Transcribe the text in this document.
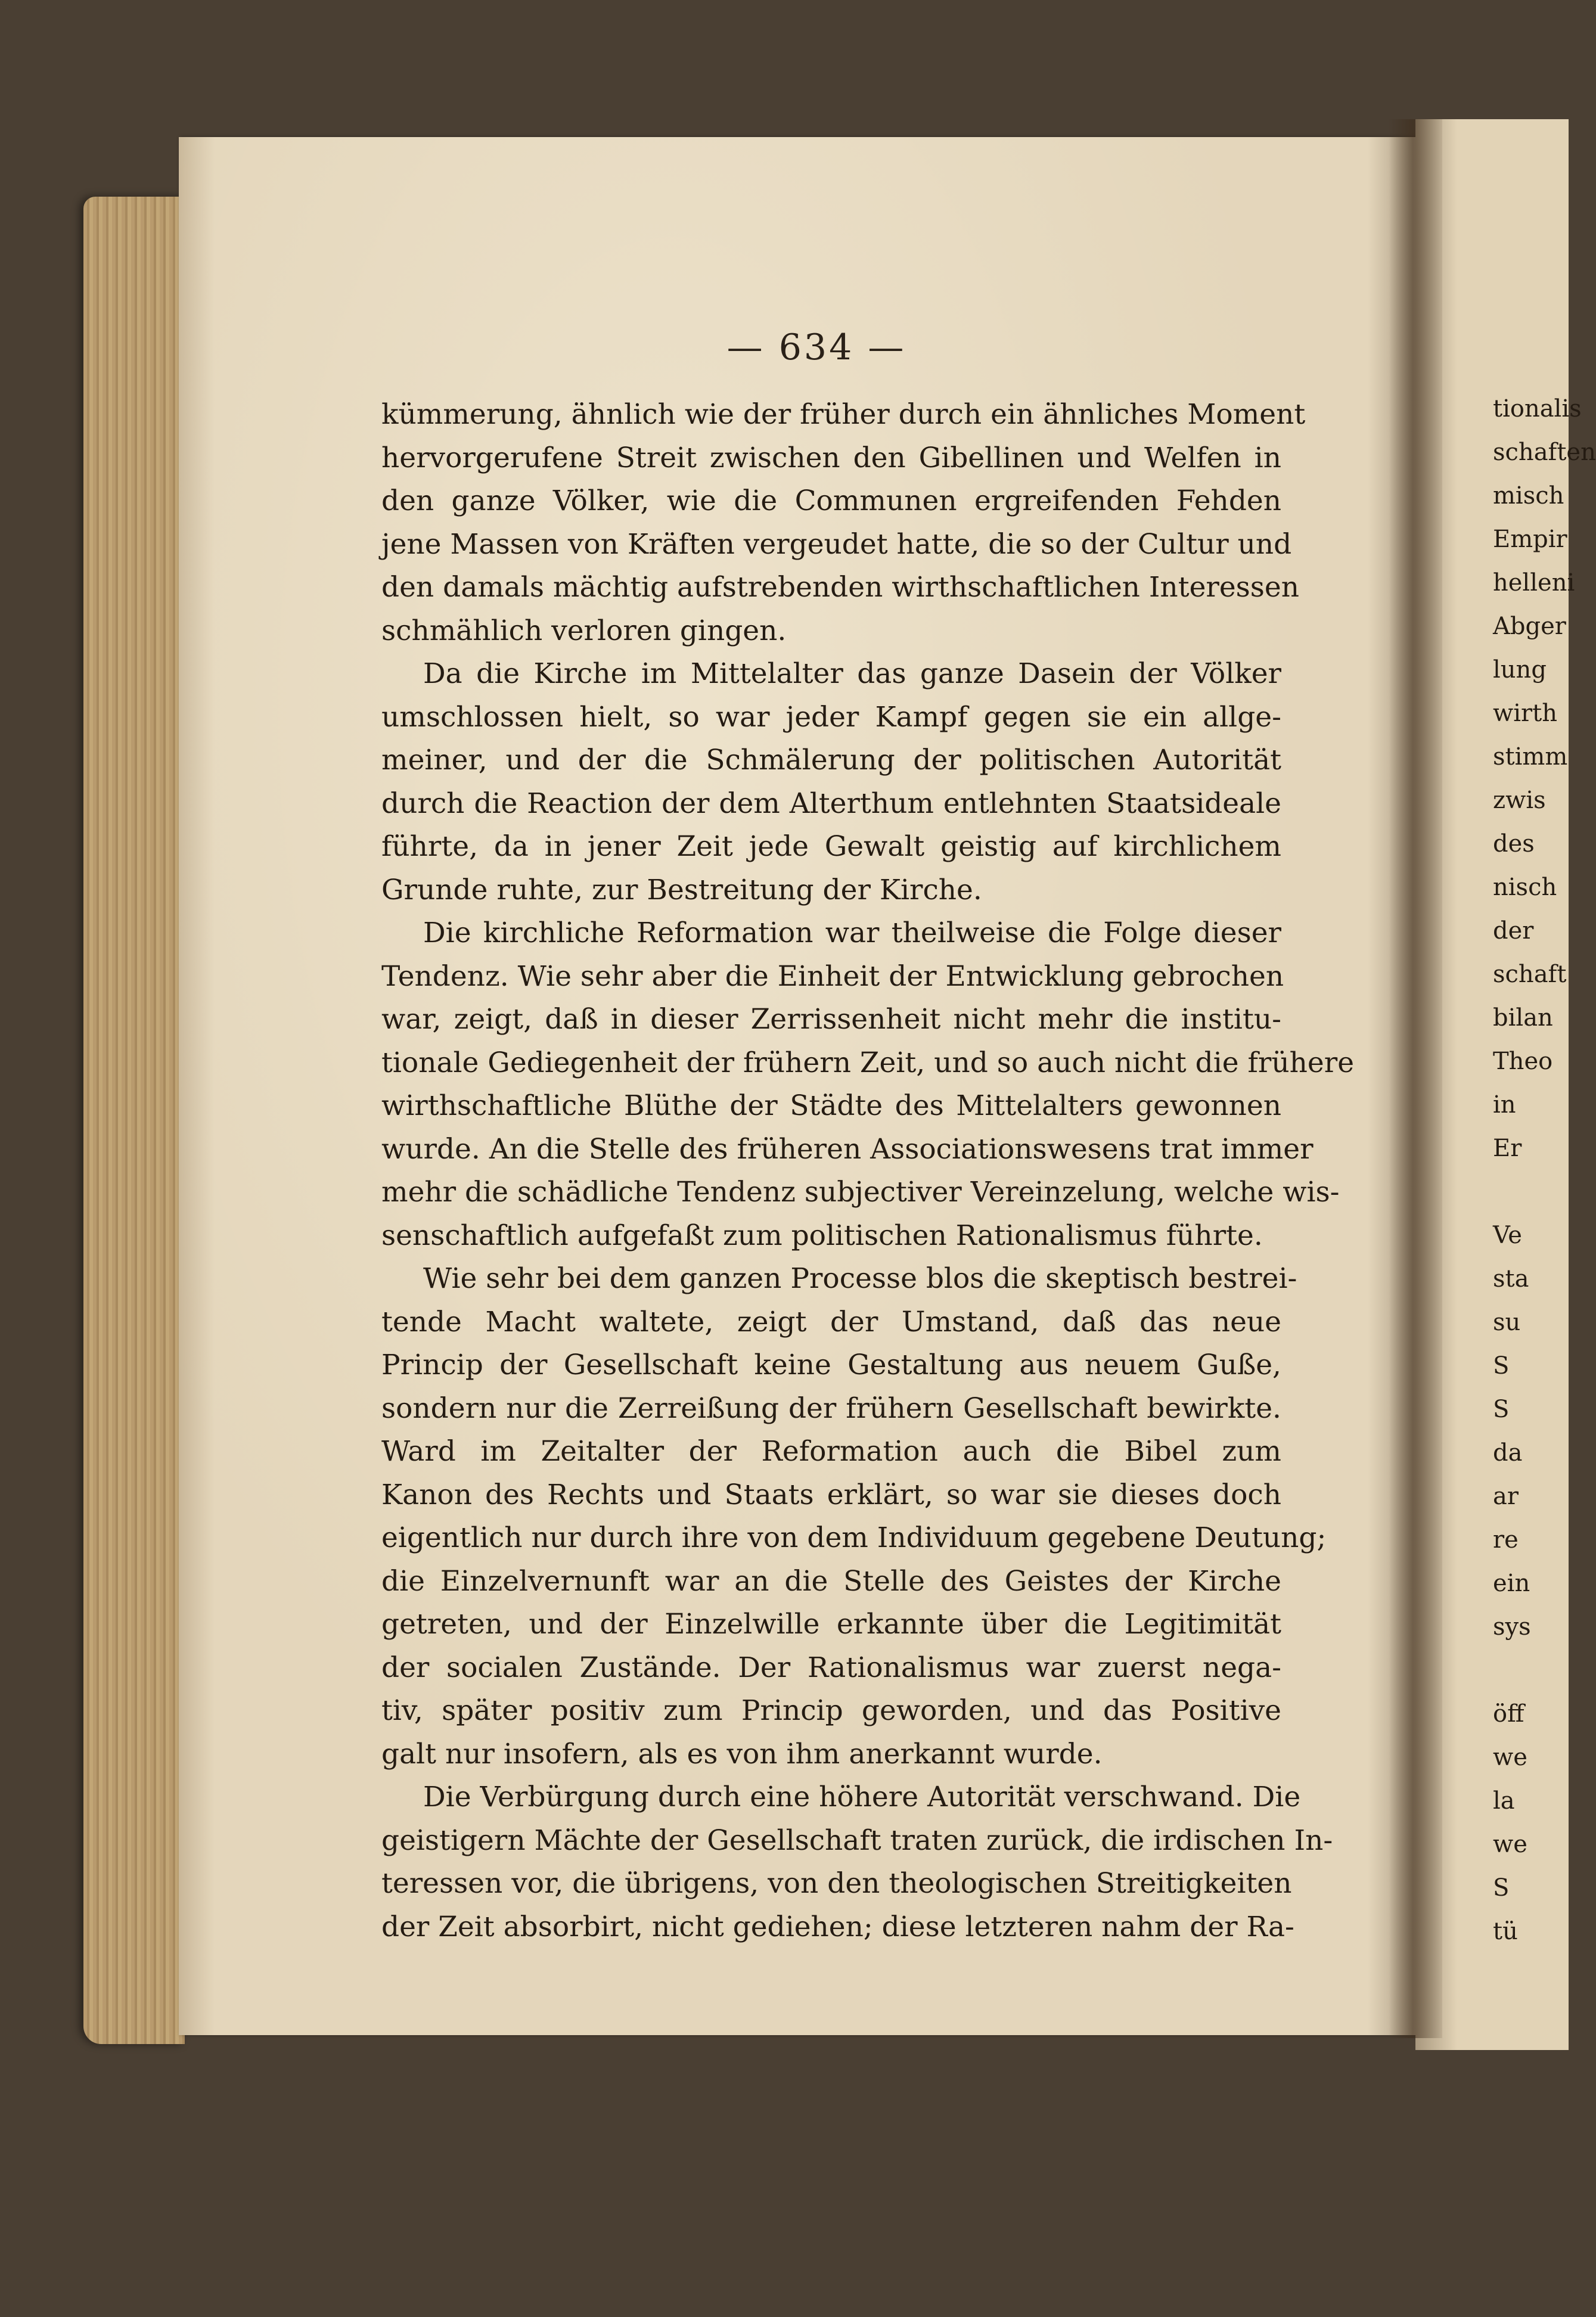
— 634 —
kümmerung, ähnlich wie der früher durch ein ähnliches Moment
hervorgerufene Streit zwischen den Gibellinen und Welfen in
den ganze Völker, wie die Communen ergreifenden Fehden
jene Massen von Kräften vergeudet hatte, die so der Cultur und
den damals mächtig aufstrebenden wirthschaftlichen Interessen
schmählich verloren gingen.
Da die Kirche im Mittelalter das ganze Dasein der Völker
umschlossen hielt, so war jeder Kampf gegen sie ein allge-
meiner, und der die Schmälerung der politischen Autorität
durch die Reaction der dem Alterthum entlehnten Staatsideale
führte, da in jener Zeit jede Gewalt geistig auf kirchlichem
Grunde ruhte, zur Bestreitung der Kirche.
Die kirchliche Reformation war theilweise die Folge dieser
Tendenz. Wie sehr aber die Einheit der Entwicklung gebrochen
war, zeigt, daß in dieser Zerrissenheit nicht mehr die institu-
tionale Gediegenheit der frühern Zeit, und so auch nicht die frühere
wirthschaftliche Blüthe der Städte des Mittelalters gewonnen
wurde. An die Stelle des früheren Associationswesens trat immer
mehr die schädliche Tendenz subjectiver Vereinzelung, welche wis-
senschaftlich aufgefaßt zum politischen Rationalismus führte.
Wie sehr bei dem ganzen Processe blos die skeptisch bestrei-
tende Macht waltete, zeigt der Umstand, daß das neue
Princip der Gesellschaft keine Gestaltung aus neuem Guße,
sondern nur die Zerreißung der frühern Gesellschaft bewirkte.
Ward im Zeitalter der Reformation auch die Bibel zum
Kanon des Rechts und Staats erklärt, so war sie dieses doch
eigentlich nur durch ihre von dem Individuum gegebene Deutung;
die Einzelvernunft war an die Stelle des Geistes der Kirche
getreten, und der Einzelwille erkannte über die Legitimität
der socialen Zustände. Der Rationalismus war zuerst nega-
tiv, später positiv zum Princip geworden, und das Positive
galt nur insofern, als es von ihm anerkannt wurde.
Die Verbürgung durch eine höhere Autorität verschwand. Die
geistigern Mächte der Gesellschaft traten zurück, die irdischen In-
teressen vor, die übrigens, von den theologischen Streitigkeiten
der Zeit absorbirt, nicht gediehen; diese letzteren nahm der Ra-
tionalis
schaften
misch
Empir
helleni
Abger
lung
wirth
stimm
zwis
des
nisch
der
schaft
bilan
Theo
in
Er
Ve
sta
su
S
S
da
ar
re
ein
sys
öff
we
la
we
S
tü
